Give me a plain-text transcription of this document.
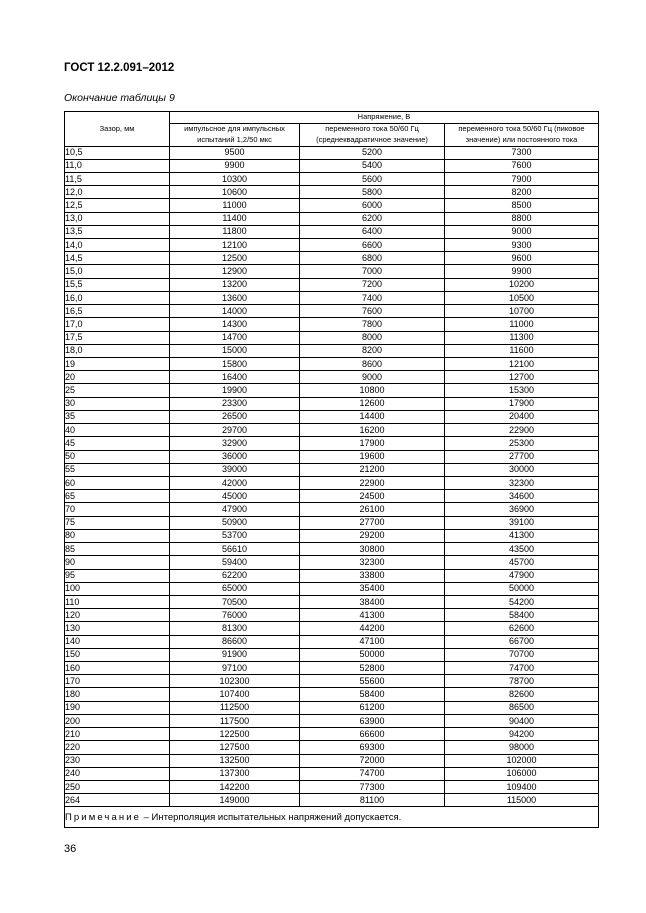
ГОСТ 12.2.091–2012
Окончание таблицы 9
Зазор, мм	Напряжение, В		
	импульсное для импульсных испытаний 1,2/50 мкс	переменного тока 50/60 Гц (среднеквадратичное значение)	переменного тока 50/60 Гц (пиковое значение) или постоянного тока
10,5	9500	5200	7300
11,0	9900	5400	7600
11,5	10300	5600	7900
12,0	10600	5800	8200
12,5	11000	6000	8500
13,0	11400	6200	8800
13,5	11800	6400	9000
14,0	12100	6600	9300
14,5	12500	6800	9600
15,0	12900	7000	9900
15,5	13200	7200	10200
16,0	13600	7400	10500
16,5	14000	7600	10700
17,0	14300	7800	11000
17,5	14700	8000	11300
18,0	15000	8200	11600
19	15800	8600	12100
20	16400	9000	12700
25	19900	10800	15300
30	23300	12600	17900
35	26500	14400	20400
40	29700	16200	22900
45	32900	17900	25300
50	36000	19600	27700
55	39000	21200	30000
60	42000	22900	32300
65	45000	24500	34600
70	47900	26100	36900
75	50900	27700	39100
80	53700	29200	41300
85	56610	30800	43500
90	59400	32300	45700
95	62200	33800	47900
100	65000	35400	50000
110	70500	38400	54200
120	76000	41300	58400
130	81300	44200	62600
140	86600	47100	66700
150	91900	50000	70700
160	97100	52800	74700
170	102300	55600	78700
180	107400	58400	82600
190	112500	61200	86500
200	117500	63900	90400
210	122500	66600	94200
220	127500	69300	98000
230	132500	72000	102000
240	137300	74700	106000
250	142200	77300	109400
264	149000	81100	115000
Примечание – Интерполяция испытательных напряжений допускается.			
36
